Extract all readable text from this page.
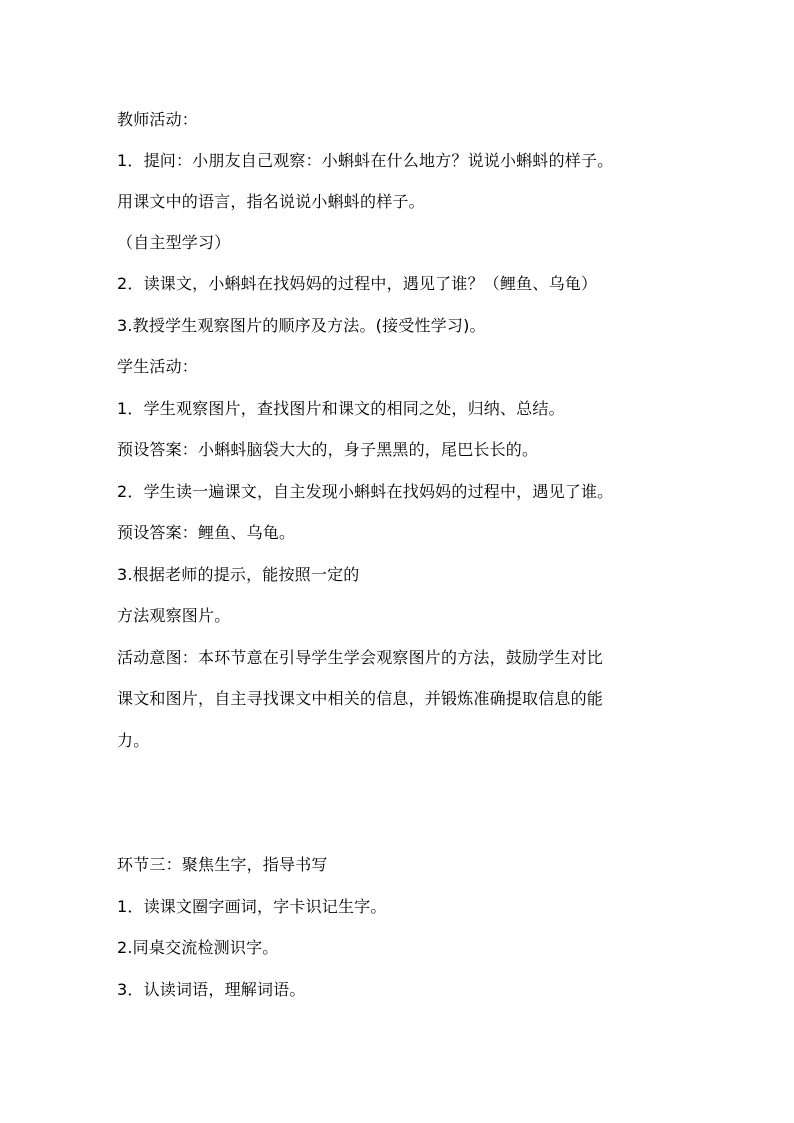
教师活动：
1．提问：小朋友自己观察：小蝌蚪在什么地方？说说小蝌蚪的样子。
用课文中的语言，指名说说小蝌蚪的样子。
（自主型学习）
2．读课文，小蝌蚪在找妈妈的过程中，遇见了谁？（鲤鱼、乌龟）
3.教授学生观察图片的顺序及方法。(接受性学习)。
学生活动：
1．学生观察图片，查找图片和课文的相同之处，归纳、总结。
预设答案：小蝌蚪脑袋大大的，身子黑黑的，尾巴长长的。
2．学生读一遍课文，自主发现小蝌蚪在找妈妈的过程中，遇见了谁。
预设答案：鲤鱼、乌龟。
3.根据老师的提示，能按照一定的
方法观察图片。
活动意图：本环节意在引导学生学会观察图片的方法，鼓励学生对比
课文和图片，自主寻找课文中相关的信息，并锻炼准确提取信息的能
力。
环节三：聚焦生字，指导书写
1．读课文圈字画词，字卡识记生字。
2.同桌交流检测识字。
3．认读词语，理解词语。
